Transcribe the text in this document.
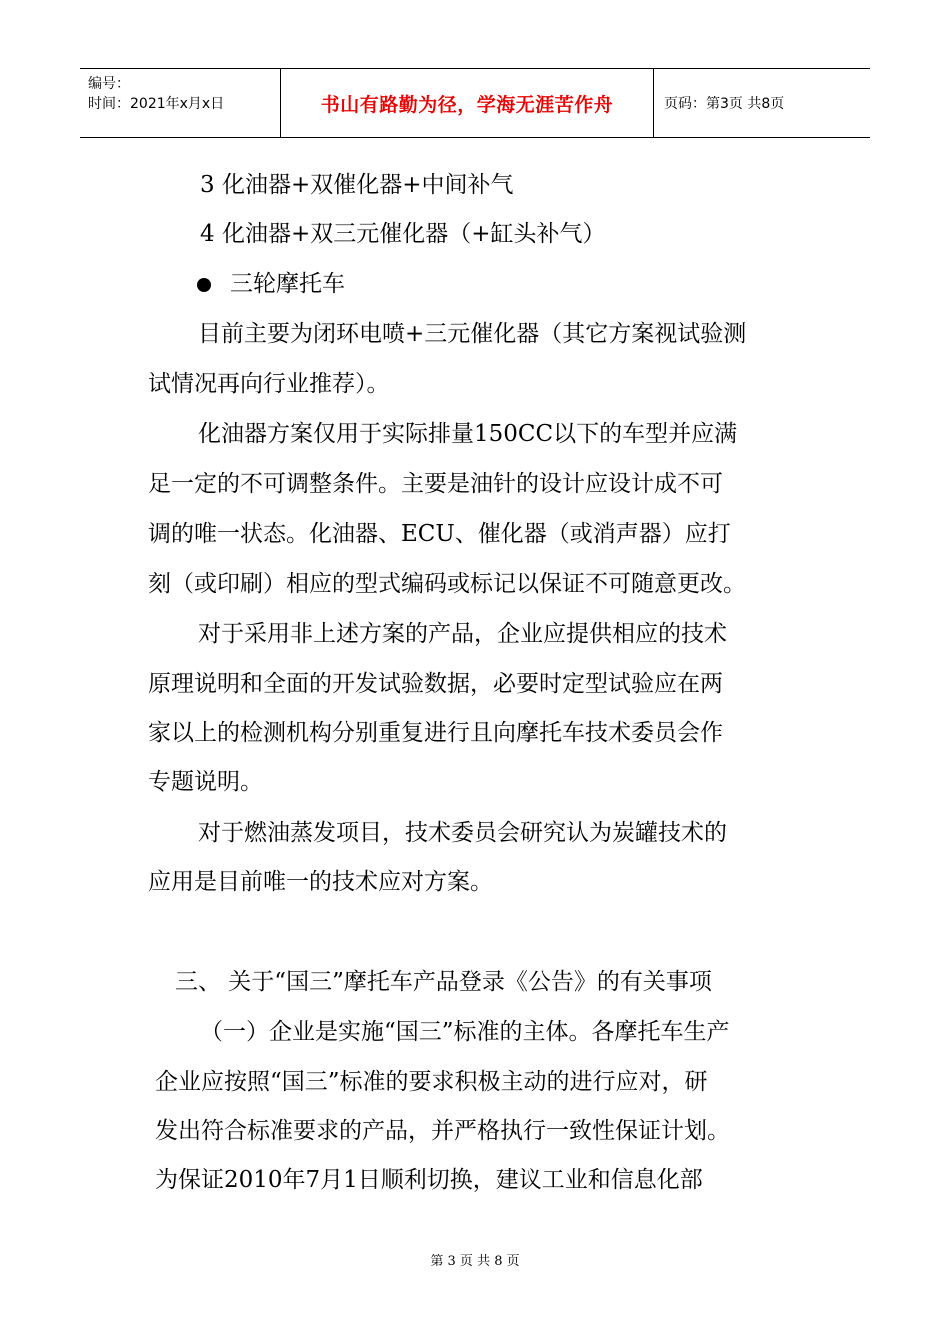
编号：
时间：2021年x月x日	书山有路勤为径，学海无涯苦作舟	页码：第3页 共8页
3 化油器+双催化器+中间补气
4 化油器+双三元催化器（+缸头补气）
三轮摩托车
目前主要为闭环电喷+三元催化器（其它方案视试验测
试情况再向行业推荐）。
化油器方案仅用于实际排量150CC以下的车型并应满
足一定的不可调整条件。主要是油针的设计应设计成不可
调的唯一状态。化油器、ECU、催化器（或消声器）应打
刻（或印刷）相应的型式编码或标记以保证不可随意更改。
对于采用非上述方案的产品，企业应提供相应的技术
原理说明和全面的开发试验数据，必要时定型试验应在两
家以上的检测机构分别重复进行且向摩托车技术委员会作
专题说明。
对于燃油蒸发项目，技术委员会研究认为炭罐技术的
应用是目前唯一的技术应对方案。
三、 关于“国三”摩托车产品登录《公告》的有关事项
（一）企业是实施“国三”标准的主体。各摩托车生产
企业应按照“国三”标准的要求积极主动的进行应对，研
发出符合标准要求的产品，并严格执行一致性保证计划。
为保证2010年7月1日顺利切换，建议工业和信息化部
第 3 页 共 8 页
